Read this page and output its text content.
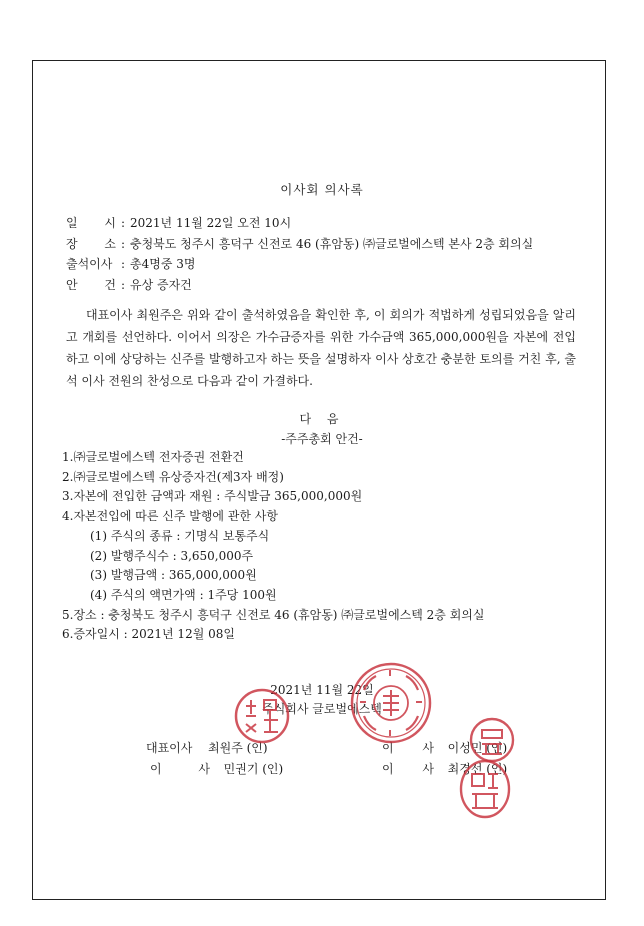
이사회 의사록
일 시 : 2021년 11월 22일 오전 10시
장 소 : 충청북도 청주시 흥덕구 신전로 46 (휴암동) ㈜글로벌에스텍 본사 2층 회의실
출석이사 : 총4명중 3명
안 건 : 유상 증자건

대표이사 최원주은 위와 같이 출석하였음을 확인한 후, 이 회의가 적법하게 성립되었음을 알리고 개회를 선언하다. 이어서 의장은 가수금증자를 위한 가수금액 365,000,000원을 자본에 전입하고 이에 상당하는 신주를 발행하고자 하는 뜻을 설명하자 이사 상호간 충분한 토의를 거친 후, 출석 이사 전원의 찬성으로 다음과 같이 가결하다.

다 음
-주주총회 안건-
1.㈜글로벌에스텍 전자증권 전환건
2.㈜글로벌에스텍 유상증자건(제3자 배정)
3.자본에 전입한 금액과 재원 : 주식발금 365,000,000원
4.자본전입에 따른 신주 발행에 관한 사항
(1) 주식의 종류 : 기명식 보통주식
(2) 발행주식수 : 3,650,000주
(3) 발행금액 : 365,000,000원
(4) 주식의 액면가액 : 1주당 100원
5.장소 : 충청북도 청주시 흥덕구 신전로 46 (휴암동) ㈜글로벌에스텍 2층 회의실
6.증자일시 : 2021년 12월 08일
2021년 11월 22일
주식회사 글로벌에스텍
대표이사 최원주 (인)
이 사 민권기 (인)
이 사 이성민 (인)
이 사 최경선 (인)
